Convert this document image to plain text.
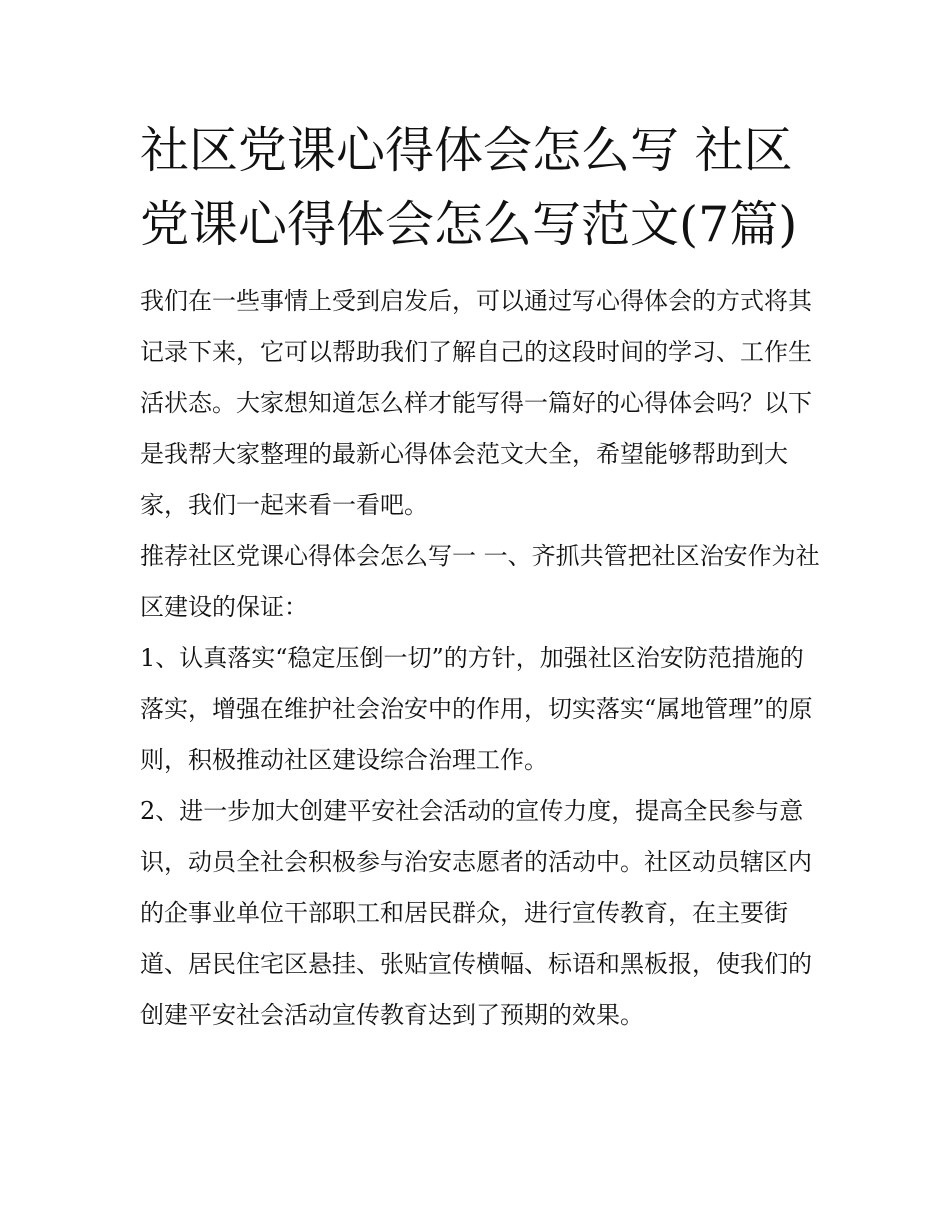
社区党课心得体会怎么写 社区党课心得体会怎么写范文(7篇)

我们在一些事情上受到启发后，可以通过写心得体会的方式将其记录下来，它可以帮助我们了解自己的这段时间的学习、工作生活状态。大家想知道怎么样才能写得一篇好的心得体会吗？以下是我帮大家整理的最新心得体会范文大全，希望能够帮助到大家，我们一起来看一看吧。

推荐社区党课心得体会怎么写一 一、齐抓共管把社区治安作为社区建设的保证：

1、认真落实“稳定压倒一切”的方针，加强社区治安防范措施的落实，增强在维护社会治安中的作用，切实落实“属地管理”的原则，积极推动社区建设综合治理工作。

2、进一步加大创建平安社会活动的宣传力度，提高全民参与意识，动员全社会积极参与治安志愿者的活动中。社区动员辖区内的企事业单位干部职工和居民群众，进行宣传教育，在主要街道、居民住宅区悬挂、张贴宣传横幅、标语和黑板报，使我们的创建平安社会活动宣传教育达到了预期的效果。
